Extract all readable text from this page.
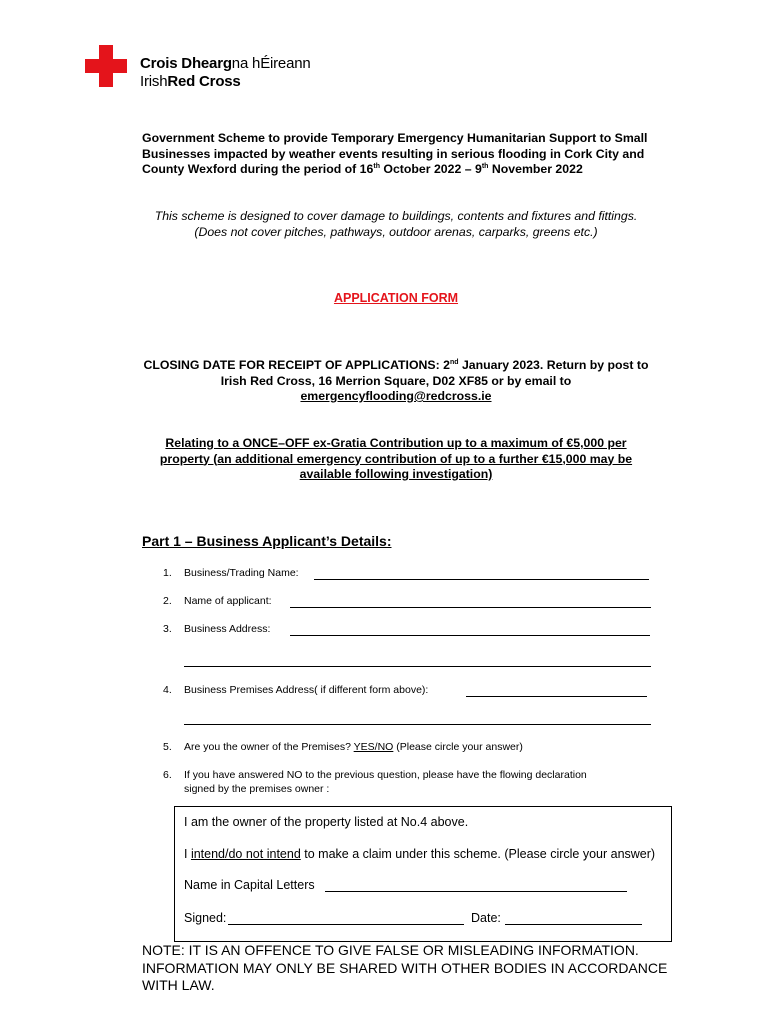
Crois Dheargna hÉireann
IrishRed Cross
Government Scheme to provide Temporary Emergency Humanitarian Support to Small Businesses impacted by weather events resulting in serious flooding in Cork City and County Wexford during the period of 16th October 2022 – 9th November 2022
This scheme is designed to cover damage to buildings, contents and fixtures and fittings. (Does not cover pitches, pathways, outdoor arenas, carparks, greens etc.)
APPLICATION FORM
CLOSING DATE FOR RECEIPT OF APPLICATIONS: 2nd January 2023. Return by post to Irish Red Cross, 16 Merrion Square, D02 XF85 or by email to
emergencyflooding@redcross.ie
Relating to a ONCE–OFF ex-Gratia Contribution up to a maximum of €5,000 per property (an additional emergency contribution of up to a further €15,000 may be available following investigation)
Part 1 – Business Applicant’s Details:
1. Business/Trading Name:
2. Name of applicant:
3. Business Address:
4. Business Premises Address( if different form above):
5. Are you the owner of the Premises? YES/NO (Please circle your answer)
6. If you have answered NO to the previous question, please have the flowing declaration
signed by the premises owner :
I am the owner of the property listed at No.4 above.
I intend/do not intend to make a claim under this scheme. (Please circle your answer)
Name in Capital Letters
Signed:	Date:
NOTE: IT IS AN OFFENCE TO GIVE FALSE OR MISLEADING INFORMATION. INFORMATION MAY ONLY BE SHARED WITH OTHER BODIES IN ACCORDANCE WITH LAW.
